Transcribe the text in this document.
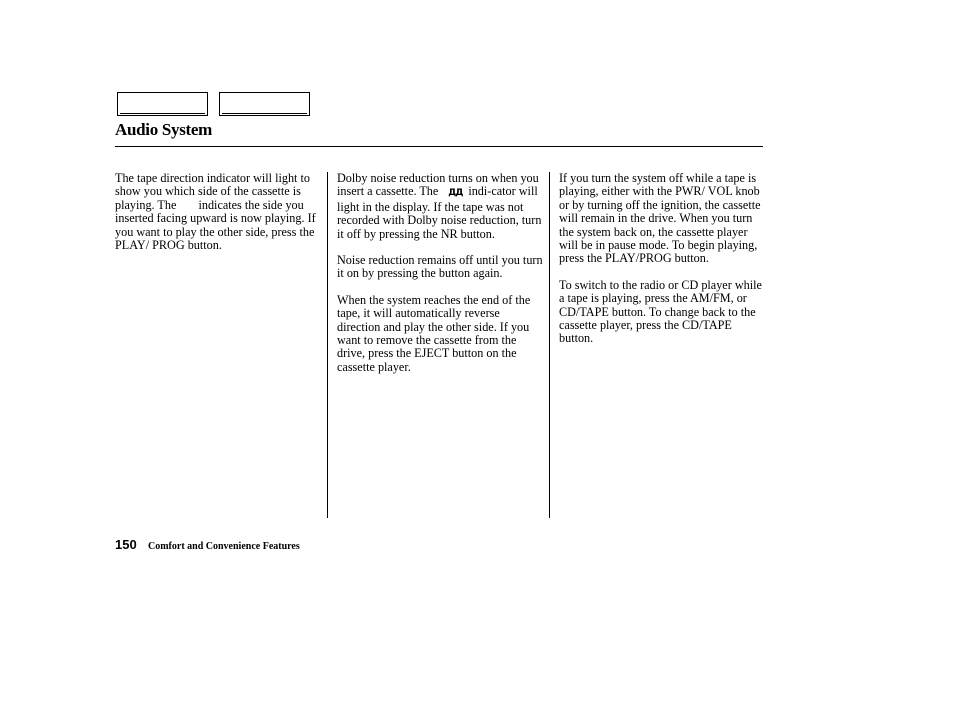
Audio System

The tape direction indicator will light to show you which side of the cassette is playing. The indicates the side you inserted facing upward is now playing. If you want to play the other side, press the PLAY/ PROG button.

Dolby noise reduction turns on when you insert a cassette. The ДД indi-cator will light in the display. If the tape was not recorded with Dolby noise reduction, turn it off by pressing the NR button.

Noise reduction remains off until you turn it on by pressing the button again.

When the system reaches the end of the tape, it will automatically reverse direction and play the other side. If you want to remove the cassette from the drive, press the EJECT button on the cassette player.

If you turn the system off while a tape is playing, either with the PWR/ VOL knob or by turning off the ignition, the cassette will remain in the drive. When you turn the system back on, the cassette player will be in pause mode. To begin playing, press the PLAY/PROG button.

To switch to the radio or CD player while a tape is playing, press the AM/FM, or CD/TAPE button. To change back to the cassette player, press the CD/TAPE button.

150 Comfort and Convenience Features
